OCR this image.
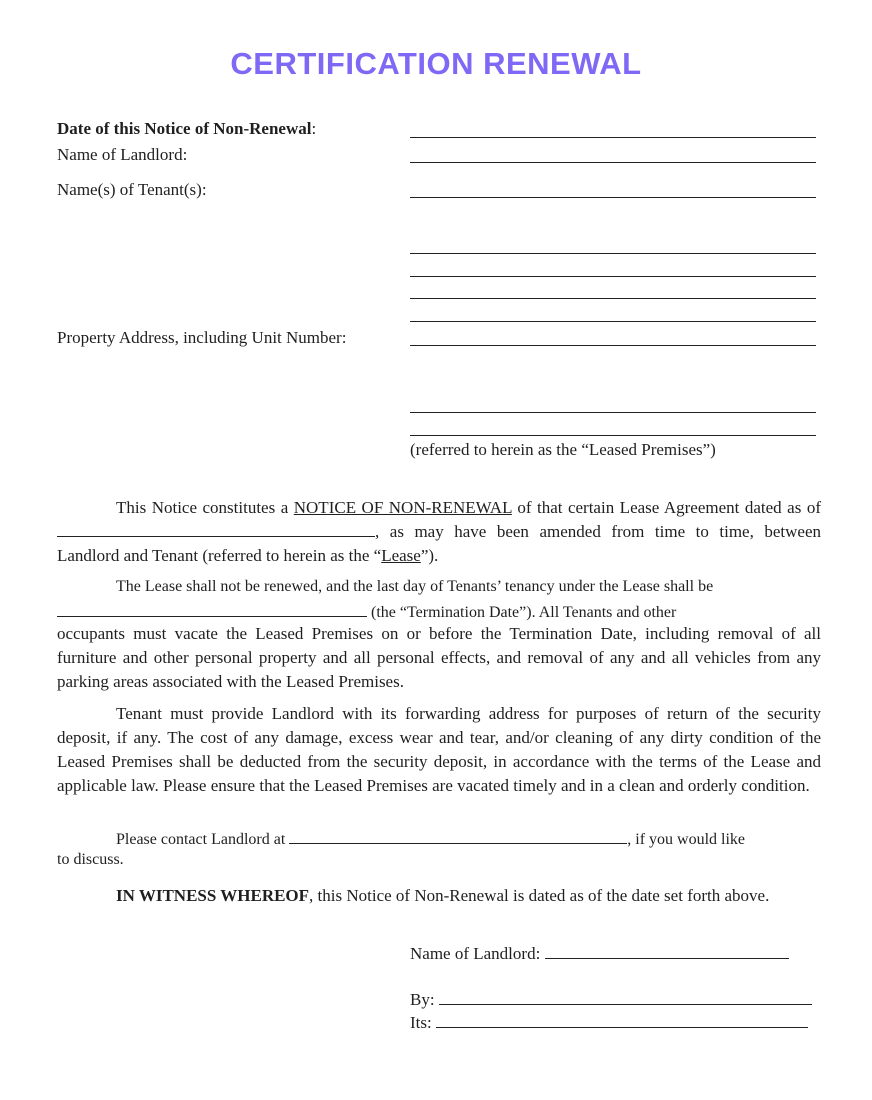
CERTIFICATION RENEWAL
Date of this Notice of Non-Renewal:
Name of Landlord:
Name(s) of Tenant(s):
Property Address, including Unit Number:
(referred to herein as the “Leased Premises”)
This Notice constitutes a NOTICE OF NON-RENEWAL of that certain Lease Agreement dated as of , as may have been amended from time to time, between Landlord and Tenant (referred to herein as the “Lease”).
The Lease shall not be renewed, and the last day of Tenants’ tenancy under the Lease shall be
(the “Termination Date”). All Tenants and other
occupants must vacate the Leased Premises on or before the Termination Date, including removal of all furniture and other personal property and all personal effects, and removal of any and all vehicles from any parking areas associated with the Leased Premises.
Tenant must provide Landlord with its forwarding address for purposes of return of the security deposit, if any. The cost of any damage, excess wear and tear, and/or cleaning of any dirty condition of the Leased Premises shall be deducted from the security deposit, in accordance with the terms of the Lease and applicable law. Please ensure that the Leased Premises are vacated timely and in a clean and orderly condition.
Please contact Landlord at	, if you would like
to discuss.
IN WITNESS WHEREOF, this Notice of Non-Renewal is dated as of the date set forth above.
Name of Landlord:
By:
Its:
